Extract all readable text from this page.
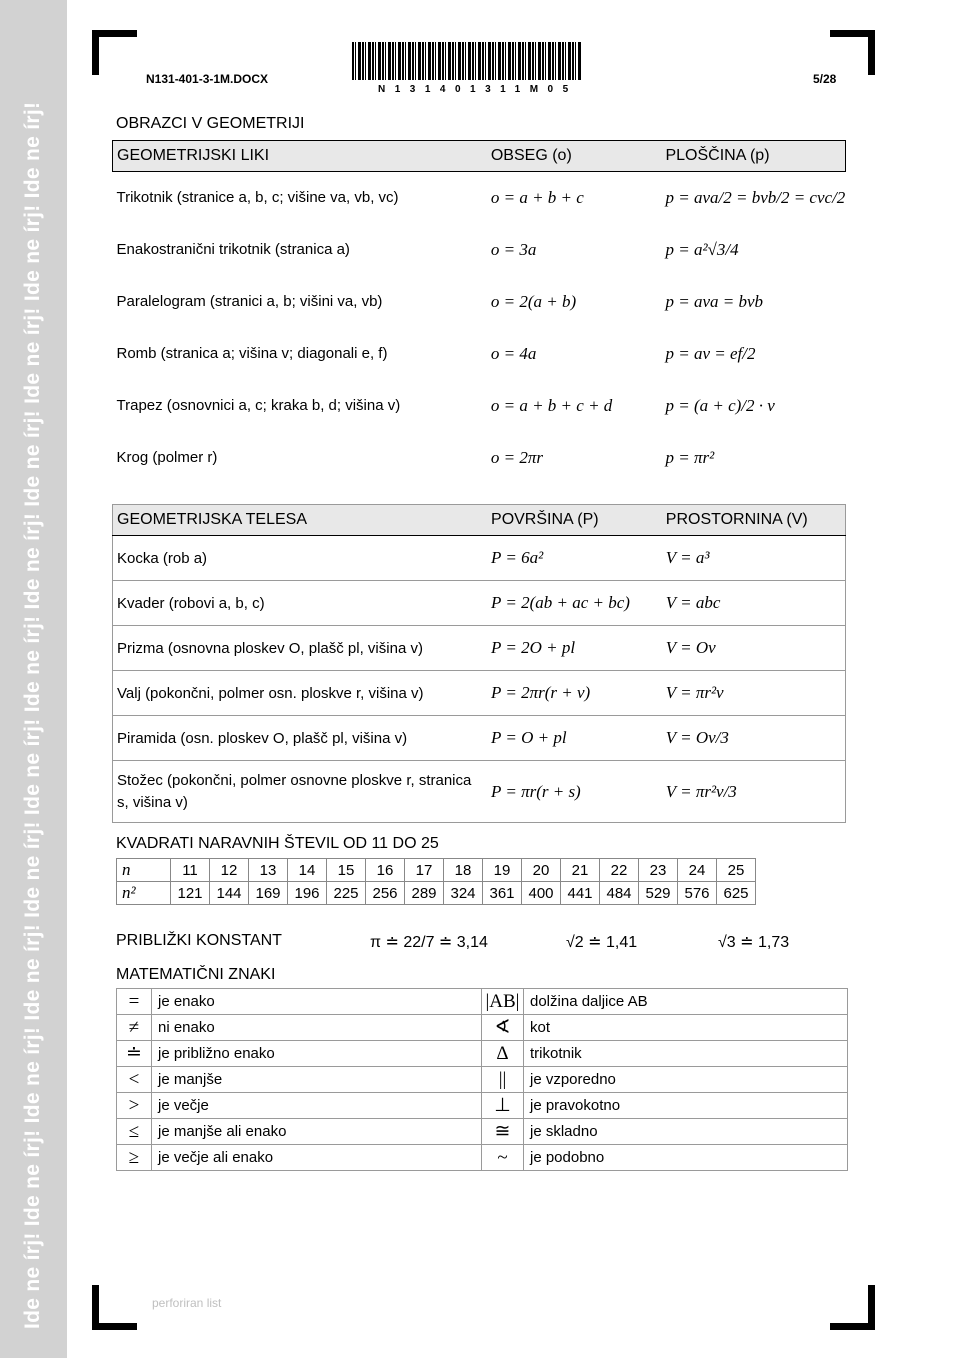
Ide ne írj! Ide ne írj! Ide ne írj! Ide ne írj! Ide ne írj! Ide ne írj! Ide ne írj! Ide ne írj! Ide ne írj! Ide ne írj! Ide ne írj! Ide ne írj!
N131-401-3-1M.DOCX
N131401311M05
5/28
OBRAZCI V GEOMETRIJI
GEOMETRIJSKI LIKI	OBSEG (o)	PLOŠČINA (p)
Trikotnik (stranice a, b, c; višine va, vb, vc)	o = a + b + c	p = ava/2 = bvb/2 = cvc/2
Enakostranični trikotnik (stranica a)	o = 3a	p = a²√3/4
Paralelogram (stranici a, b; višini va, vb)	o = 2(a + b)	p = ava = bvb
Romb (stranica a; višina v; diagonali e, f)	o = 4a	p = av = ef/2
Trapez (osnovnici a, c; kraka b, d; višina v)	o = a + b + c + d	p = (a + c)/2 · v
Krog (polmer r)	o = 2πr	p = πr²
GEOMETRIJSKA TELESA	POVRŠINA (P)	PROSTORNINA (V)
Kocka (rob a)	P = 6a²	V = a³
Kvader (robovi a, b, c)	P = 2(ab + ac + bc)	V = abc
Prizma (osnovna ploskev O, plašč pl, višina v)	P = 2O + pl	V = Ov
Valj (pokončni, polmer osn. ploskve r, višina v)	P = 2πr(r + v)	V = πr²v
Piramida (osn. ploskev O, plašč pl, višina v)	P = O + pl	V = Ov/3
Stožec (pokončni, polmer osnovne ploskve r, stranica s, višina v)	P = πr(r + s)	V = πr²v/3
KVADRATI NARAVNIH ŠTEVIL OD 11 DO 25
n	11	12	13	14	15	16	17	18	19	20	21	22	23	24	25
n²	121	144	169	196	225	256	289	324	361	400	441	484	529	576	625
PRIBLIŽKI KONSTANT	π ≐ 22/7 ≐ 3,14	√2 ≐ 1,41	√3 ≐ 1,73
MATEMATIČNI ZNAKI
=	je enako	|AB|	dolžina daljice AB
≠	ni enako	∢	kot
≐	je približno enako	Δ	trikotnik
<	je manjše	||	je vzporedno
>	je večje	⊥	je pravokotno
≤	je manjše ali enako	≅	je skladno
≥	je večje ali enako	~	je podobno
perforiran list
